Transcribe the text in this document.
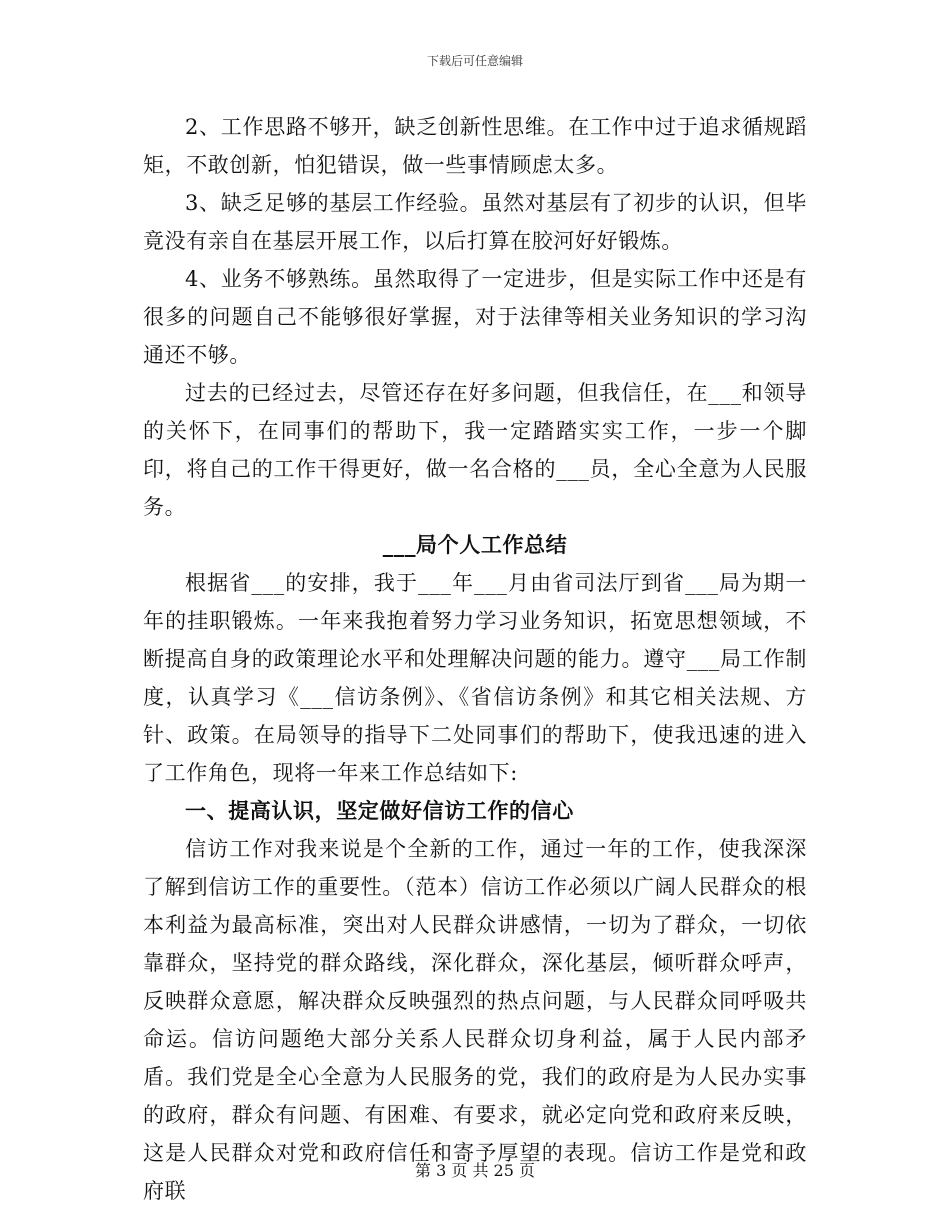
下载后可任意编辑

2、工作思路不够开，缺乏创新性思维。在工作中过于追求循规蹈矩，不敢创新，怕犯错误，做一些事情顾虑太多。

3、缺乏足够的基层工作经验。虽然对基层有了初步的认识，但毕竟没有亲自在基层开展工作，以后打算在胶河好好锻炼。

4、业务不够熟练。虽然取得了一定进步，但是实际工作中还是有很多的问题自己不能够很好掌握，对于法律等相关业务知识的学习沟通还不够。

过去的已经过去，尽管还存在好多问题，但我信任，在___和领导的关怀下，在同事们的帮助下，我一定踏踏实实工作，一步一个脚印，将自己的工作干得更好，做一名合格的___员，全心全意为人民服务。

___局个人工作总结

根据省___的安排，我于___年___月由省司法厅到省___局为期一年的挂职锻炼。一年来我抱着努力学习业务知识，拓宽思想领域，不断提高自身的政策理论水平和处理解决问题的能力。遵守___局工作制度，认真学习《___信访条例》、《省信访条例》和其它相关法规、方针、政策。在局领导的指导下二处同事们的帮助下，使我迅速的进入了工作角色，现将一年来工作总结如下:

一、提高认识，坚定做好信访工作的信心

信访工作对我来说是个全新的工作，通过一年的工作，使我深深了解到信访工作的重要性。（范本）信访工作必须以广阔人民群众的根本利益为最高标准，突出对人民群众讲感情，一切为了群众，一切依靠群众，坚持党的群众路线，深化群众，深化基层，倾听群众呼声，反映群众意愿，解决群众反映强烈的热点问题，与人民群众同呼吸共命运。信访问题绝大部分关系人民群众切身利益，属于人民内部矛盾。我们党是全心全意为人民服务的党，我们的政府是为人民办实事的政府，群众有问题、有困难、有要求，就必定向党和政府来反映，这是人民群众对党和政府信任和寄予厚望的表现。信访工作是党和政府联

第 3 页 共 25 页
